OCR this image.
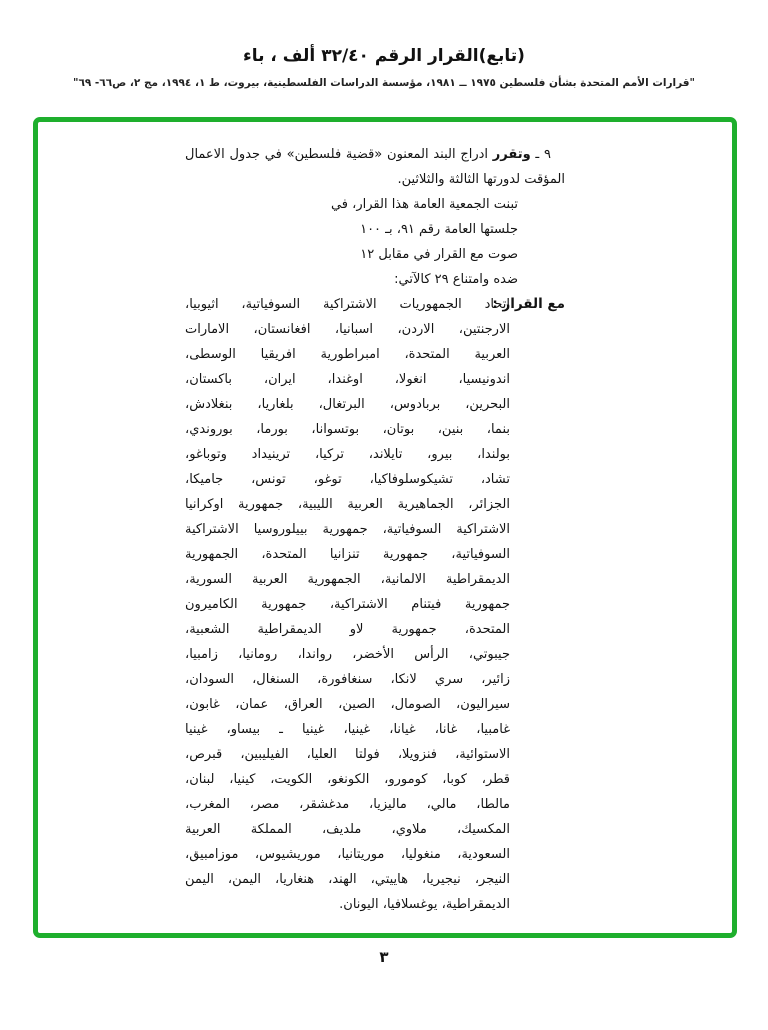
(تابع)القرار الرقم ٣٢/٤٠ ألف ، باء
"قرارات الأمم المتحدة بشأن فلسطين ١٩٧٥ ــ ١٩٨١، مؤسسة الدراسات الفلسطينية، بيروت، ط ١، ١٩٩٤، مج ٢، ص٦٦- ٦٩"
٩ ـ وتقرر ادراج البند المعنون «قضية فلسطين» في جدول الاعمال
المؤقت لدورتها الثالثة والثلاثين.
تبنت الجمعية العامة هذا القرار، في
جلستها العامة رقم ٩١، بـ ١٠٠
صوت مع القرار في مقابل ١٢
ضده وامتناع ٢٩ كالآتي:
مع القرار :
اتحاد الجمهوريات الاشتراكية السوفياتية، اثيوبيا،
الارجنتين، الاردن، اسبانيا، افغانستان، الامارات
العربية المتحدة، امبراطورية افريقيا الوسطى،
اندونيسيا، انغولا، اوغندا، ايران، باكستان،
البحرين، بربادوس، البرتغال، بلغاريا، بنغلادش،
بنما، بنين، بوتان، بوتسوانا، بورما، بوروندي،
بولندا، بيرو، تايلاند، تركيا، ترينيداد وتوباغو،
تشاد، تشيكوسلوفاكيا، توغو، تونس، جاميكا،
الجزائر، الجماهيرية العربية الليبية، جمهورية اوكرانيا
الاشتراكية السوفياتية، جمهورية بييلوروسيا الاشتراكية
السوفياتية، جمهورية تنزانيا المتحدة، الجمهورية
الديمقراطية الالمانية، الجمهورية العربية السورية،
جمهورية فيتنام الاشتراكية، جمهورية الكاميرون
المتحدة، جمهورية لاو الديمقراطية الشعبية،
جيبوتي، الرأس الأخضر، رواندا، رومانيا، زامبيا،
زائير، سري لانكا، سنغافورة، السنغال، السودان،
سيراليون، الصومال، الصين، العراق، عمان، غابون،
غامبيا، غانا، غيانا، غينيا، غينيا ـ بيساو، غينيا
الاستوائية، فنزويلا، فولتا العليا، الفيليبين، قبرص،
قطر، كوبا، كومورو، الكونغو، الكويت، كينيا، لبنان،
مالطا، مالي، ماليزيا، مدغشقر، مصر، المغرب،
المكسيك، ملاوي، ملديف، المملكة العربية
السعودية، منغوليا، موريتانيا، موريشيوس، موزامبيق،
النيجر، نيجيريا، هاييتي، الهند، هنغاريا، اليمن، اليمن
الديمقراطية، يوغسلافيا، اليونان.
٣
